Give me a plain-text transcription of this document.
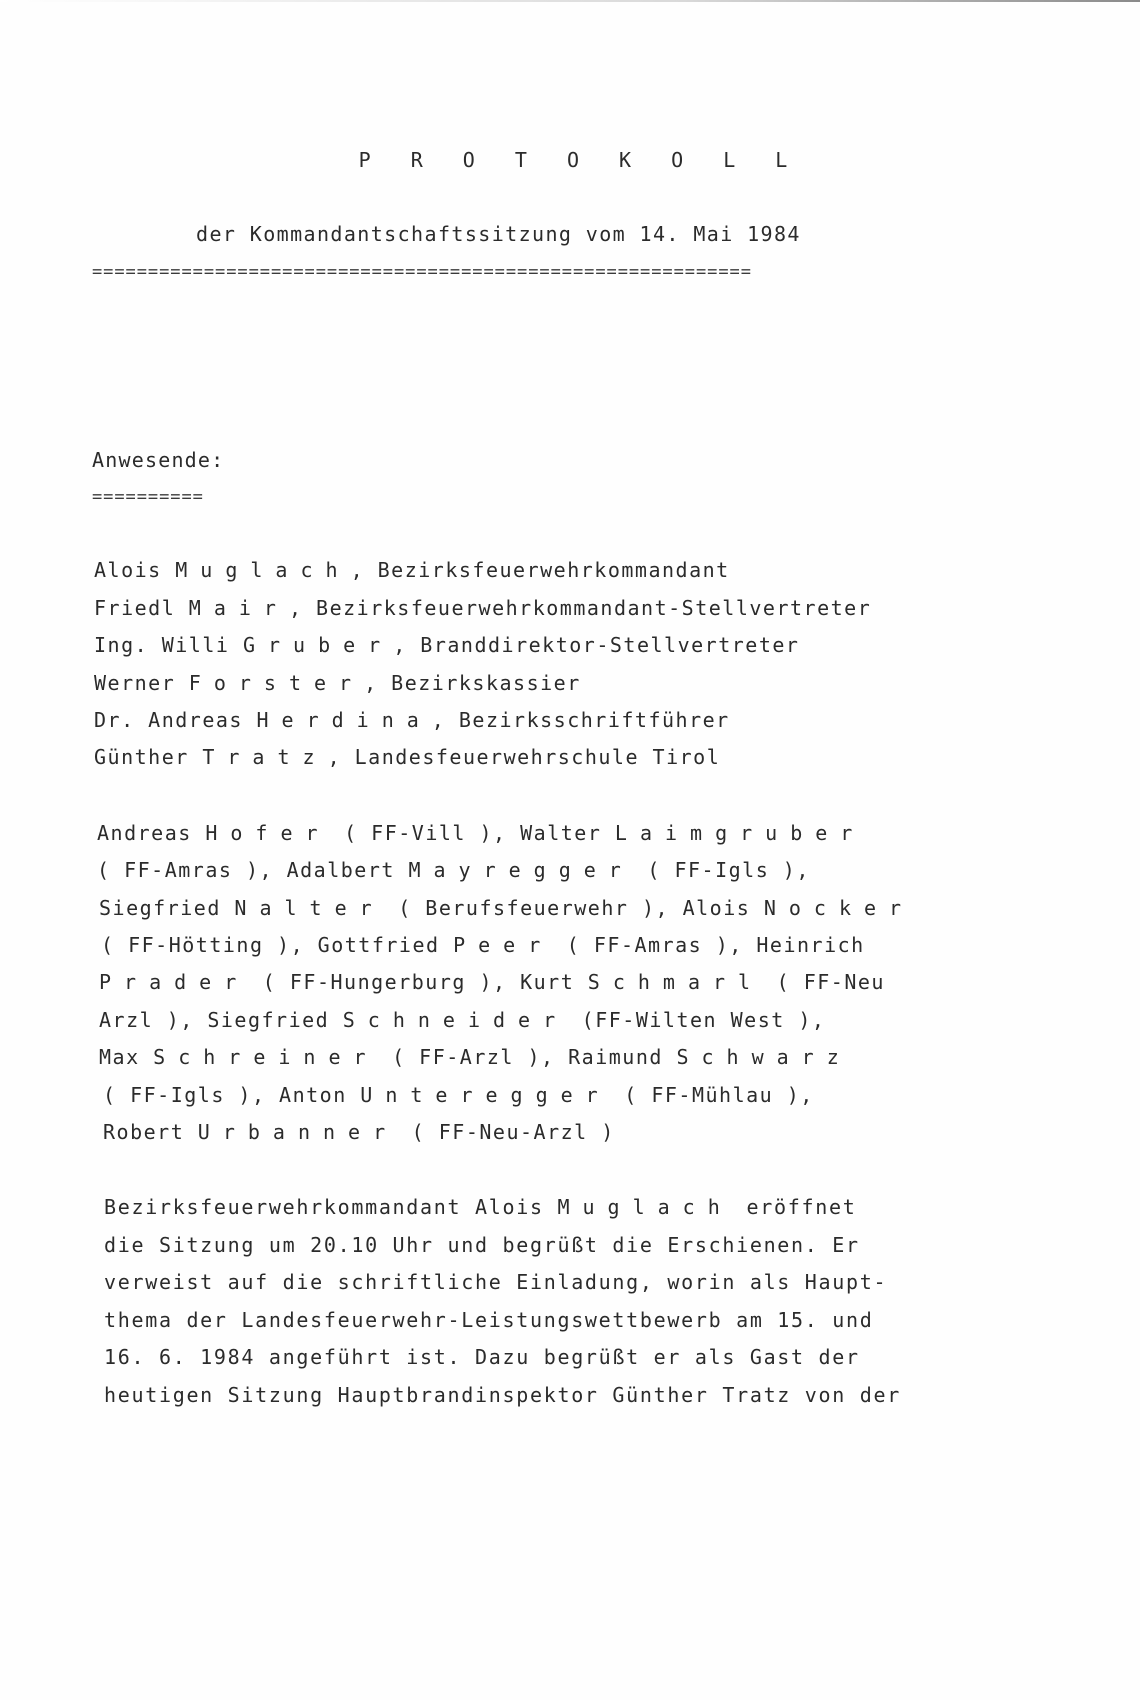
P R O T O K O L L
der Kommandantschaftssitzung vom 14. Mai 1984
===========================================================
Anwesende:
==========
Alois Muglach, Bezirksfeuerwehrkommandant
Friedl Mair, Bezirksfeuerwehrkommandant-Stellvertreter
Ing. Willi Gruber, Branddirektor-Stellvertreter
Werner Forster, Bezirkskassier
Dr. Andreas Herdina, Bezirksschriftführer
Günther Tratz, Landesfeuerwehrschule Tirol
Andreas Hofer ( FF-Vill ), Walter Laimgruber
( FF-Amras ), Adalbert Mayregger ( FF-Igls ),
Siegfried Nalter ( Berufsfeuerwehr ), Alois Nocker
( FF-Hötting ), Gottfried Peer ( FF-Amras ), Heinrich
Prader ( FF-Hungerburg ), Kurt Schmarl ( FF-Neu
Arzl ), Siegfried Schneider (FF-Wilten West ),
Max Schreiner ( FF-Arzl ), Raimund Schwarz
( FF-Igls ), Anton Unteregger ( FF-Mühlau ),
Robert Urbanner ( FF-Neu-Arzl )
Bezirksfeuerwehrkommandant Alois Muglach eröffnet
die Sitzung um 20.10 Uhr und begrüßt die Erschienen. Er
verweist auf die schriftliche Einladung, worin als Haupt-
thema der Landesfeuerwehr-Leistungswettbewerb am 15. und
16. 6. 1984 angeführt ist. Dazu begrüßt er als Gast der
heutigen Sitzung Hauptbrandinspektor Günther Tratz von der
